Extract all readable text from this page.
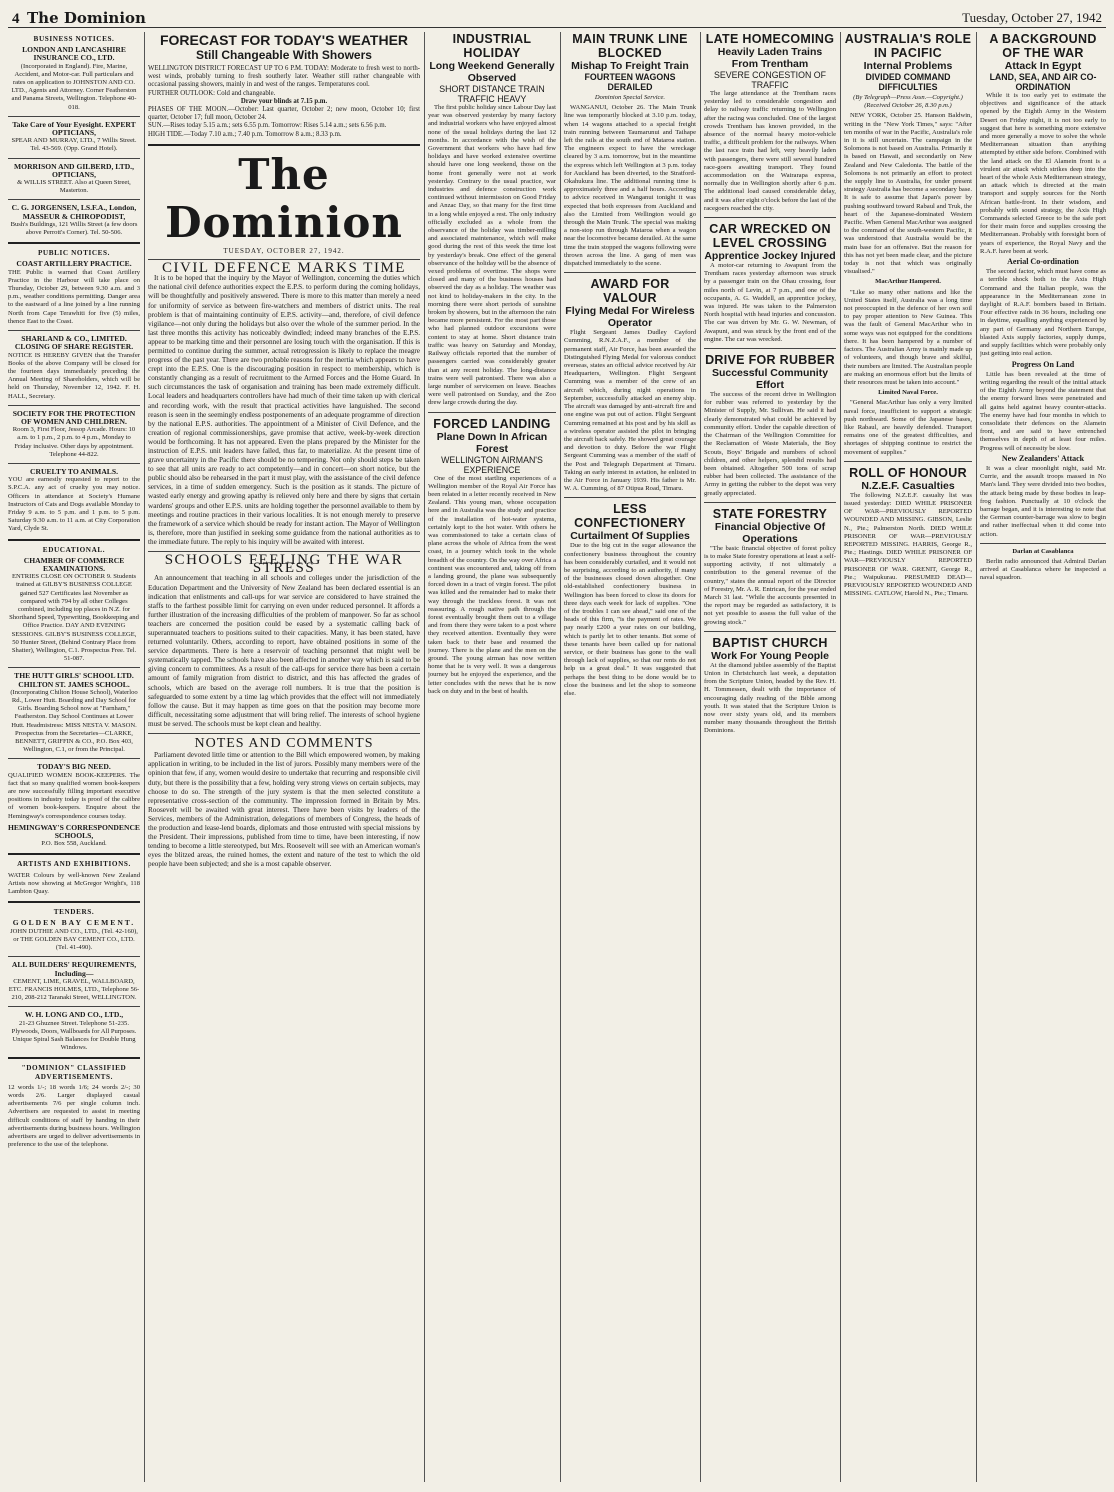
4 The Dominion	Tuesday, October 27, 1942
BUSINESS NOTICES.
LONDON AND LANCASHIRE INSURANCE CO., LTD.
(Incorporated in England). Fire, Marine, Accident, and Motor-car. Full particulars and rates on application to JOHNSTON AND CO. LTD., Agents and Attorney. Corner Featherston and Panama Streets, Wellington. Telephone 40-018.
Take Care of Your Eyesight. EXPERT OPTICIANS,
SPEAR AND MURRAY, LTD., 7 Willis Street. Tel. 43-569. (Opp. Grand Hotel).
MORRISON AND GILBERD, LTD., OPTICIANS,
& WILLIS STREET. Also at Queen Street, Masterton.
C. G. JORGENSEN, LS.F.A., London, MASSEUR & CHIROPODIST,
Bush's Buildings, 121 Willis Street (a few doors above Perrott's Corner). Tel. 50-506.
PUBLIC NOTICES.
COAST ARTILLERY PRACTICE.
THE Public is warned that Coast Artillery Practice in the Harbour will take place on Thursday, October 29, between 9.30 a.m. and 3 p.m., weather conditions permitting. Danger area to the eastward of a line joined by a line running North from Cape Terawhiti for five (5) miles, thence East to the Coast.
SHARLAND & CO., LIMITED. CLOSING OF SHARE REGISTER.
NOTICE IS HEREBY GIVEN that the Transfer Books of the above Company will be closed for the fourteen days immediately preceding the Annual Meeting of Shareholders, which will be held on Thursday, November 12, 1942. F. H. HALL, Secretary.
SOCIETY FOR THE PROTECTION OF WOMEN AND CHILDREN.
Room 3, First Floor, Jessop Arcade. Hours: 10 a.m. to 1 p.m., 2 p.m. to 4 p.m., Monday to Friday inclusive. Other days by appointment. Telephone 44-822.
CRUELTY TO ANIMALS.
YOU are earnestly requested to report to the S.P.C.A. any act of cruelty you may notice. Officers in attendance at Society's Humane Instructors of Cats and Dogs available Monday to Friday 9 a.m. to 5 p.m. and 1 p.m. to 5 p.m. Saturday 9.30 a.m. to 11 a.m. at City Corporation Yard, Clyde St.
EDUCATIONAL.
CHAMBER OF COMMERCE EXAMINATIONS.
ENTRIES CLOSE ON OCTOBER 9. Students trained at GILBY'S BUSINESS COLLEGE gained 527 Certificates last November as compared with 794 by all other Colleges combined, including top places in N.Z. for Shorthand Speed, Typewriting, Bookkeeping and Office Practice. DAY AND EVENING SESSIONS. GILBY'S BUSINESS COLLEGE, 50 Hunter Street, (Behind Contrary Place from Shatter), Wellington, C.1. Prospectus Free. Tel. 51-087.
THE HUTT GIRLS' SCHOOL LTD. CHILTON ST. JAMES SCHOOL.
(Incorporating Chilton House School), Waterloo Rd., Lower Hutt. Boarding and Day School for Girls. Boarding School now at "Farnham," Featherston. Day School Continues at Lower Hutt. Headmistress: MISS NESTA V. MASON. Prospectus from the Secretaries—CLARKE, BENNETT, GRIFFIN & CO., P.O. Box 403, Wellington, C.1, or from the Principal.
TODAY'S BIG NEED.
QUALIFIED WOMEN BOOK-KEEPERS. The fact that so many qualified women book-keepers are now successfully filling important executive positions in industry today is proof of the calibre of women book-keepers. Enquire about the Hemingway's correspondence courses today.
HEMINGWAY'S CORRESPONDENCE SCHOOLS,
P.O. Box 558, Auckland.
ARTISTS AND EXHIBITIONS.
WATER Colours by well-known New Zealand Artists now showing at McGregor Wright's, 118 Lambton Quay.
TENDERS.
GOLDEN BAY CEMENT.
JOHN DUTHIE AND CO., LTD., (Tel. 42-160), or THE GOLDEN BAY CEMENT CO., LTD. (Tel. 41-490).
ALL BUILDERS' REQUIREMENTS, Including—
CEMENT, LIME, GRAVEL, WALLBOARD, ETC. FRANCIS HOLMES, LTD., Telephone 56-210, 208-212 Taranaki Street, WELLINGTON.
W. H. LONG AND CO., LTD.,
21-23 Ghuznee Street. Telephone 51-235. Plywoods, Doors, Wallboards for All Purposes. Unique Spiral Sash Balances for Double Hung Windows.
"DOMINION" CLASSIFIED ADVERTISEMENTS.
12 words 1/-; 18 words 1/6; 24 words 2/-; 30 words 2/6. Larger displayed casual advertisements 7/6 per single column inch. Advertisers are requested to assist in meeting difficult conditions of staff by handing in their advertisements during business hours. Wellington advertisers are urged to deliver advertisements in preference to the use of the telephone.
FORECAST FOR TODAY'S WEATHER
Still Changeable With Showers
WELLINGTON DISTRICT FORECAST UP TO 6 P.M. TODAY: Moderate to fresh west to north-west winds, probably turning to fresh southerly later. Weather still rather changeable with occasional passing showers, mainly in and west of the ranges. Temperatures cool.
FURTHER OUTLOOK: Cold and changeable.
Draw your blinds at 7.15 p.m.
PHASES OF THE MOON.—October: Last quarter, October 2; new moon, October 10; first quarter, October 17; full moon, October 24.
SUN.—Rises today 5.15 a.m.; sets 6.55 p.m. Tomorrow: Rises 5.14 a.m.; sets 6.56 p.m.
HIGH TIDE.—Today 7.10 a.m.; 7.40 p.m. Tomorrow 8 a.m.; 8.33 p.m.
The Dominion
TUESDAY, OCTOBER 27, 1942.
CIVIL DEFENCE MARKS TIME

It is to be hoped that the inquiry by the Mayor of Wellington, concerning the duties which the national civil defence authorities expect the E.P.S. to perform during the coming holidays, will be thoughtfully and positively answered. There is more to this matter than merely a need for uniformity of service as between fire-watchers and members of district units. The real problem is that of maintaining continuity of E.P.S. activity—and, therefore, of civil defence vigilance—not only during the holidays but also over the whole of the summer period. In the last three months this activity has noticeably dwindled; indeed many branches of the E.P.S. appear to be marking time and their personnel are losing touch with the organisation. If this is permitted to continue during the summer, actual retrogression is likely to replace the meagre progress of the past year. There are two probable reasons for the inertia which appears to have crept into the E.P.S. One is the discouraging position in respect to membership, which is constantly changing as a result of recruitment to the Armed Forces and the Home Guard. In such circumstances the task of organisation and training has been made extremely difficult. Local leaders and headquarters controllers have had much of their time taken up with clerical and recording work, with the result that practical activities have languished. The second reason is seen in the seemingly endless postponements of an adequate programme of direction by the national E.P.S. authorities. The appointment of a Minister of Civil Defence, and the creation of regional commissionerships, gave promise that active, week-by-week direction would be forthcoming. It has not appeared. Even the plans prepared by the Minister for the instruction of E.P.S. unit leaders have failed, thus far, to materialize. At the present time of grave uncertainty in the Pacific there should be no tempering. Not only should steps be taken to see that all units are ready to act competently—and in concert—on short notice, but the public should also be rehearsed in the part it must play, with the assistance of the civil defence services, in a time of sudden emergency. Such is the position as it stands. The picture of wasted early energy and growing apathy is relieved only here and there by signs that certain wardens' groups and other E.P.S. units are holding together the personnel available to them by meetings and routine practices in their various localities. It is not enough merely to preserve the framework of a service which should be ready for instant action. The Mayor of Wellington is, therefore, more than justified in seeking some guidance from the national authorities as to the immediate future. The reply to his inquiry will be awaited with interest.

SCHOOLS FEELING THE WAR STRESS

An announcement that teaching in all schools and colleges under the jurisdiction of the Education Department and the University of New Zealand has been declared essential is an indication that enlistments and call-ups for war service are considered to have strained the staffs to the farthest possible limit for carrying on even under reduced personnel. It affords a further illustration of the increasing difficulties of the problem of manpower. So far as school teachers are concerned the position could be eased by a systematic calling back of superannuated teachers to positions suited to their capacities. Many, it has been stated, have returned voluntarily. Others, according to report, have obtained positions in some of the service departments. There is here a reservoir of teaching personnel that might well be systematically tapped. The schools have also been affected in another way which is said to be giving concern to committees. As a result of the call-ups for service there has been a certain amount of family migration from district to district, and this has affected the grades of schools, which are based on the average roll numbers. It is true that the position is safeguarded to some extent by a time lag which provides that the effect will not immediately follow the cause. But it may happen as time goes on that the position may become more difficult, necessitating some adjustment that will bring relief. The interests of school hygiene must be served. The schools must be kept clean and healthy.

NOTES AND COMMENTS

Parliament devoted little time or attention to the Bill which empowered women, by making application in writing, to be included in the list of jurors. Possibly many members were of the opinion that few, if any, women would desire to undertake that recurring and responsible civil duty, but there is the possibility that a few, holding very strong views on certain subjects, may choose to do so. The strength of the jury system is that the men selected constitute a representative cross-section of the community. The impression formed in Britain by Mrs. Roosevelt will be awaited with great interest. There have been visits by leaders of the Services, members of the Administration, delegations of members of Congress, the heads of the production and lease-lend boards, diplomats and those entrusted with special missions by the President. Their impressions, published from time to time, have been interesting, if now tending to become a little stereotyped, but Mrs. Roosevelt will see with an American woman's eyes the blitzed areas, the ruined homes, the extent and nature of the test to which the old people have been subjected; and she is a most capable observer.

INDUSTRIAL HOLIDAY
Long Weekend Generally Observed
SHORT DISTANCE TRAIN TRAFFIC HEAVY

The first public holiday since Labour Day last year was observed yesterday by many factory and industrial workers who have enjoyed almost none of the usual holidays during the last 12 months. In accordance with the wish of the Government that workers who have had few holidays and have worked extensive overtime should have one long weekend, those on the home front generally were not at work yesterday. Contrary to the usual practice, war industries and defence construction work continued without intermission on Good Friday and Anzac Day, so that many for the first time in a long while enjoyed a rest. The only industry officially excluded as a whole from the observance of the holiday was timber-milling and associated maintenance, which will make good during the rest of this week the time lost by yesterday's break. One effect of the general observance of the holiday will be the absence of vexed problems of overtime. The shops were closed and many of the business houses had observed the day as a holiday. The weather was not kind to holiday-makers in the city. In the morning there were short periods of sunshine broken by showers, but in the afternoon the rain became more persistent. For the most part those who had planned outdoor excursions were content to stay at home. Short distance train traffic was heavy on Saturday and Monday, Railway officials reported that the number of passengers carried was considerably greater than at any recent holiday. The long-distance trains were well patronised. There was also a large number of servicemen on leave. Beaches were well patronised on Sunday, and the Zoo drew large crowds during the day.

FORCED LANDING
Plane Down In African Forest
WELLINGTON AIRMAN'S EXPERIENCE

One of the most startling experiences of a Wellington member of the Royal Air Force has been related in a letter recently received in New Zealand. This young man, whose occupation here and in Australia was the study and practice of the installation of hot-water systems, certainly kept to the hot water. With others he was commissioned to take a certain class of plane across the whole of Africa from the west coast, in a journey which took in the whole breadth of the country. On the way over Africa a continent was encountered and, taking off from a landing ground, the plane was subsequently forced down in a tract of virgin forest. The pilot was killed and the remainder had to make their way through the trackless forest. It was not reassuring. A rough native path through the forest eventually brought them out to a village and from there they were taken to a post where they received attention. Eventually they were taken back to their base and resumed the journey. There is the plane and the men on the ground. The young airman has now written home that he is very well. It was a dangerous journey but he enjoyed the experience, and the letter concludes with the news that he is now back on duty and in the best of health.

MAIN TRUNK LINE BLOCKED
Mishap To Freight Train
FOURTEEN WAGONS DERAILED
Dominion Special Service.

WANGANUI, October 26. The Main Trunk line was temporarily blocked at 3.10 p.m. today, when 14 wagons attached to a special freight train running between Taumarunui and Taihape left the rails at the south end of Mataroa station. The engineers expect to have the wreckage cleared by 3 a.m. tomorrow, but in the meantime the express which left Wellington at 3 p.m. today for Auckland has been diverted, to the Stratford-Okahukura line. The additional running time is approximately three and a half hours. According to advice received in Wanganui tonight it was expected that both expresses from Auckland and also the Limited from Wellington would go through the Main Trunk. The special was making a non-stop run through Mataroa when a wagon near the locomotive became derailed. At the same time the train stopped the wagons following were thrown across the line. A gang of men was dispatched immediately to the scene.

AWARD FOR VALOUR
Flying Medal For Wireless Operator

Flight Sergeant James Dudley Cayford Cumming, R.N.Z.A.F., a member of the permanent staff, Air Force, has been awarded the Distinguished Flying Medal for valorous conduct overseas, states an official advice received by Air Headquarters, Wellington. Flight Sergeant Cumming was a member of the crew of an aircraft which, during night operations in September, successfully attacked an enemy ship. The aircraft was damaged by anti-aircraft fire and one engine was put out of action. Flight Sergeant Cumming remained at his post and by his skill as a wireless operator assisted the pilot in bringing the aircraft back safely. He showed great courage and devotion to duty. Before the war Flight Sergeant Cumming was a member of the staff of the Post and Telegraph Department at Timaru. Taking an early interest in aviation, he enlisted in the Air Force in January 1939. His father is Mr. W. A. Cumming, of 87 Otipua Road, Timaru.

LESS CONFECTIONERY
Curtailment Of Supplies

Due to the big cut in the sugar allowance the confectionery business throughout the country has been considerably curtailed, and it would not be surprising, according to an authority, if many of the businesses closed down altogether. One old-established confectionery business in Wellington has been forced to close its doors for three days each week for lack of supplies. "One of the troubles I can see ahead," said one of the heads of this firm, "is the payment of rates. We pay nearly £200 a year rates on our building, which is partly let to other tenants. But some of these tenants have been called up for national service, or their business has gone to the wall through lack of supplies, so that our rents do not help us a great deal." It was suggested that perhaps the best thing to be done would be to close the business and let the shop to someone else.

LATE HOMECOMING
Heavily Laden Trains From Trentham
SEVERE CONGESTION OF TRAFFIC

The large attendance at the Trentham races yesterday led to considerable congestion and delay to railway traffic returning to Wellington after the racing was concluded. One of the largest crowds Trentham has known provided, in the absence of the normal heavy motor-vehicle traffic, a difficult problem for the railways. When the last race train had left, very heavily laden with passengers, there were still several hundred race-goers awaiting transport. They found accommodation on the Wairarapa express, normally due in Wellington shortly after 6 p.m. The additional load caused considerable delay, and it was after eight o'clock before the last of the racegoers reached the city.

CAR WRECKED ON LEVEL CROSSING
Apprentice Jockey Injured

A motor-car returning to Awapuni from the Trentham races yesterday afternoon was struck by a passenger train on the Ohau crossing, four miles north of Levin, at 7 p.m., and one of the occupants, A. G. Waddell, an apprentice jockey, was injured. He was taken to the Palmerston North hospital with head injuries and concussion. The car was driven by Mr. G. W. Newman, of Awapuni, and was struck by the front end of the engine. The car was wrecked.

DRIVE FOR RUBBER
Successful Community Effort

The success of the recent drive in Wellington for rubber was referred to yesterday by the Minister of Supply, Mr. Sullivan. He said it had clearly demonstrated what could be achieved by community effort. Under the capable direction of the Chairman of the Wellington Committee for the Reclamation of Waste Materials, the Boy Scouts, Boys' Brigade and numbers of school children, and other helpers, splendid results had been obtained. Altogether 500 tons of scrap rubber had been collected. The assistance of the Army in getting the rubber to the depot was very greatly appreciated.

STATE FORESTRY
Financial Objective Of Operations

"The basic financial objective of forest policy is to make State forestry operations at least a self-supporting activity, if not ultimately a contribution to the general revenue of the country," states the annual report of the Director of Forestry, Mr. A. R. Entrican, for the year ended March 31 last. "While the accounts presented in the report may be regarded as satisfactory, it is not yet possible to assess the full value of the growing stock."

BAPTIST CHURCH
Work For Young People

At the diamond jubilee assembly of the Baptist Union in Christchurch last week, a deputation from the Scripture Union, headed by the Rev. H. H. Tommessen, dealt with the importance of encouraging daily reading of the Bible among youth. It was stated that the Scripture Union is now over sixty years old, and its members number many thousands throughout the British Dominions.

AUSTRALIA'S ROLE IN PACIFIC
Internal Problems
DIVIDED COMMAND DIFFICULTIES
(By Telegraph—Press Assn.—Copyright.) (Received October 26, 8.30 p.m.)

NEW YORK, October 25. Hanson Baldwin, writing in the "New York Times," says: "After ten months of war in the Pacific, Australia's role in it is still uncertain. The campaign in the Solomons is not based on Australia. Primarily it is based on Hawaii, and secondarily on New Zealand and New Caledonia. The battle of the Solomons is not primarily an effort to protect the supply line to Australia, for under present strategy Australia has become a secondary base. It is safe to assume that Japan's power by pushing southward toward Rabaul and Truk, the heart of the Japanese-dominated Western Pacific. When General MacArthur was assigned to the command of the south-western Pacific, it was understood that Australia would be the main base for an offensive. But the reason for this has not yet been made clear, and the picture today is not that which was originally visualised."

MacArthur Hampered.

"Like so many other nations and like the United States itself, Australia was a long time not preoccupied in the defence of her own soil to pay proper attention to New Guinea. This was the fault of General MacArthur who in some ways was not equipped for the conditions there. It has been hampered by a number of factors. The Australian Army is mainly made up of volunteers, and though brave and skilful, their numbers are limited. The Australian people are making an enormous effort but the limits of their resources must be taken into account."

Limited Naval Force.

"General MacArthur has only a very limited naval force, insufficient to support a strategic push northward. Some of the Japanese bases, like Rabaul, are heavily defended. Transport remains one of the greatest difficulties, and shortages of shipping continue to restrict the movement of supplies."

ROLL OF HONOUR
N.Z.E.F. Casualties

The following N.Z.E.F. casualty list was issued yesterday: DIED WHILE PRISONER OF WAR—PREVIOUSLY REPORTED WOUNDED AND MISSING. GIBSON, Leslie N., Pte.; Palmerston North. DIED WHILE PRISONER OF WAR—PREVIOUSLY REPORTED MISSING. HARRIS, George R., Pte.; Hastings. DIED WHILE PRISONER OF WAR—PREVIOUSLY REPORTED PRISONER OF WAR. GRENIT, George R., Pte.; Waipukurau. PRESUMED DEAD—PREVIOUSLY REPORTED WOUNDED AND MISSING. CATLOW, Harold N., Pte.; Timaru.

A BACKGROUND OF THE WAR
Attack In Egypt
LAND, SEA, AND AIR CO-ORDINATION

While it is too early yet to estimate the objectives and significance of the attack opened by the Eighth Army in the Western Desert on Friday night, it is not too early to suggest that here is something more extensive and more generally a move to solve the whole Mediterranean situation than anything attempted by either side before. Combined with the land attack on the El Alamein front is a virulent air attack which strikes deep into the heart of the whole Axis Mediterranean strategy, an attack which is directed at the main transport and supply sources for the North African battle-front. In their wisdom, and probably with sound strategy, the Axis High Commands selected Greece to be the safe port for their main force and supplies crossing the Mediterranean. Probably with foresight born of years of experience, the Royal Navy and the R.A.F. have been at work.

Aerial Co-ordination

The second factor, which must have come as a terrible shock both to the Axis High Command and the Italian people, was the appearance in the Mediterranean zone in daylight of R.A.F. bombers based in Britain. Four effective raids in 36 hours, including one in daytime, equalling anything experienced by any part of Germany and Northern Europe, blasted Axis supply factories, supply dumps, and supply facilities which were probably only just getting into real action.

Progress On Land

Little has been revealed at the time of writing regarding the result of the initial attack of the Eighth Army beyond the statement that the enemy forward lines were penetrated and all gains held against heavy counter-attacks. The enemy have had four months in which to consolidate their defences on the Alamein front, and are said to have entrenched themselves in depth of at least four miles. Progress will of necessity be slow.

New Zealanders' Attack

It was a clear moonlight night, said Mr. Currie, and the assault troops massed in No Man's land. They were divided into two bodies, the attack being made by these bodies in leap-frog fashion. Punctually at 10 o'clock the barrage began, and it is interesting to note that the German counter-barrage was slow to begin and rather ineffectual when it did come into action.

Darlan at Casablanca

Berlin radio announced that Admiral Darlan arrived at Casablanca where he inspected a naval squadron.
